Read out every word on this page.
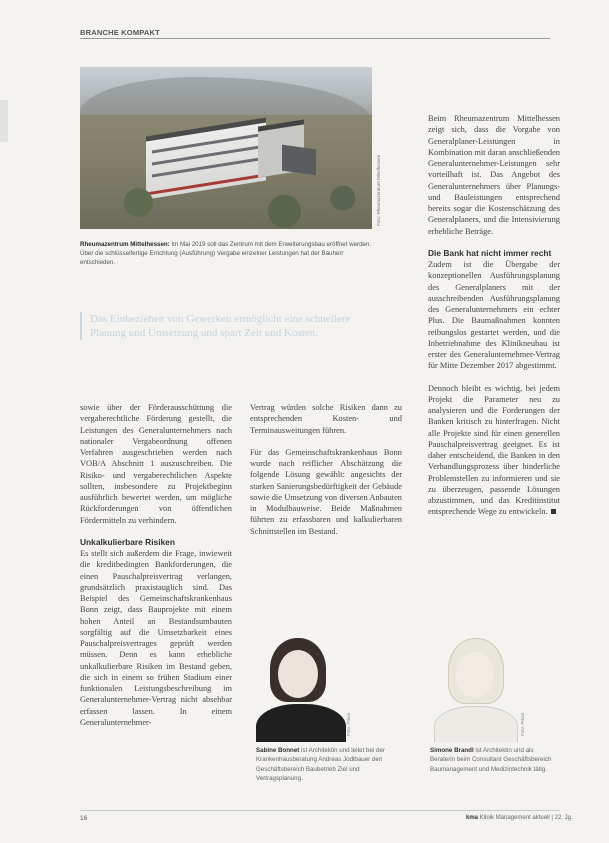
BRANCHE KOMPAKT
Foto: Rheumazentrum Mittelhessen
Rheumazentrum Mittelhessen: Im Mai 2019 soll das Zentrum mit dem Erweiterungsbau eröffnet werden. Über die schlüsselfertige Errichtung (Ausführung) Vergabe einzelner Leistungen hat der Bauherr entschieden.
Das Einbeziehen von Gewerken ermöglicht eine schnellere Planung und Umsetzung und spart Zeit und Kosten.

sowie über der Förderausschüttung die vergaberechtliche Förderung gestellt, die Leistungen des Generalunternehmers nach nationaler Vergabeordnung offenen Verfahren ausgeschrieben werden nach VOB/A Abschnitt 1 auszuschreiben. Die Risiko- und vergaberechtlichen Aspekte sollten, insbesondere zu Projektbeginn ausführlich bewertet werden, um mögliche Rückforderungen von öffentlichen Fördermitteln zu verhindern.

Unkalkulierbare Risiken

Es stellt sich außerdem die Frage, inwieweit die kreditbedingten Bankforderungen, die einen Pauschalpreisvertrag verlangen, grundsätzlich praxistauglich sind. Das Beispiel des Gemeinschaftskrankenhaus Bonn zeigt, dass Bauprojekte mit einem hohen Anteil an Bestandsumbauten sorgfältig auf die Umsetzbarkeit eines Pauschalpreisvertrages geprüft werden müssen. Denn es kann erhebliche unkalkulierbare Risiken im Bestand geben, die sich in einem so frühen Stadium einer funktionalen Leistungsbeschreibung im Generalunternehmer-Vertrag nicht absehbar erfassen lassen. In einem Generalunternehmer-

Vertrag würden solche Risiken dann zu entsprechenden Kosten- und Terminausweitungen führen.

Für das Gemeinschaftskrankenhaus Bonn wurde nach reiflicher Abschätzung die folgende Lösung gewählt: angesichts der starken Sanierungsbedürftigkeit der Gebäude sowie die Umsetzung von diversen Anbauten in Modulbauweise. Beide Maßnahmen führten zu erfassbaren und kalkulierbaren Schnittstellen im Bestand.

Beim Rheumazentrum Mittelhessen zeigt sich, dass die Vorgabe von Generalplaner-Leistungen in Kombination mit daran anschließenden Generalunternehmer-Leistungen sehr vorteilhaft ist. Das Angebot des Generalunternehmers über Planungs- und Bauleistungen entsprechend bereits sogar die Kostenschätzung des Generalplaners, und die Intensivierung erhebliche Beträge.

Die Bank hat nicht immer recht

Zudem ist die Übergabe der konzeptionellen Ausführungsplanung des Generalplaners mit der ausschreibenden Ausführungsplanung des Generalunternehmers ein echter Plus. Die Baumaßnahmen konnten reibungslos gestartet werden, und die Inbetriebnahme des Klinikneubau ist erster des Generalunternehmer-Vertrag für Mitte Dezember 2017 abgestimmt.

Dennoch bleibt es wichtig, bei jedem Projekt die Parameter neu zu analysieren und die Forderungen der Banken kritisch zu hinterfragen. Nicht alle Projekte sind für einen generellen Pauschalpreisvertrag geeignet. Es ist daher entscheidend, die Banken in den Verhandlungsprozess über hinderliche Problemstellen zu informieren und sie zu überzeugen, passende Lösungen abzustimmen, und das Kreditinstitut entsprechende Wege zu entwickeln.

Foto: Privat	Foto: Privat
Sabine Bonnet ist Architektin und leitet bei der Krankenhausberatung Andreas Jodlbauer den Geschäftsbereich Baubetrieb Ziel und Vertragsplanung.
Simone Brandl ist Architektin und als Beraterin beim Consultant Geschäftsbereich Baumanagement und Medizintechnik tätig.
16	kma Klinik Management aktuell | 22. Jg.
